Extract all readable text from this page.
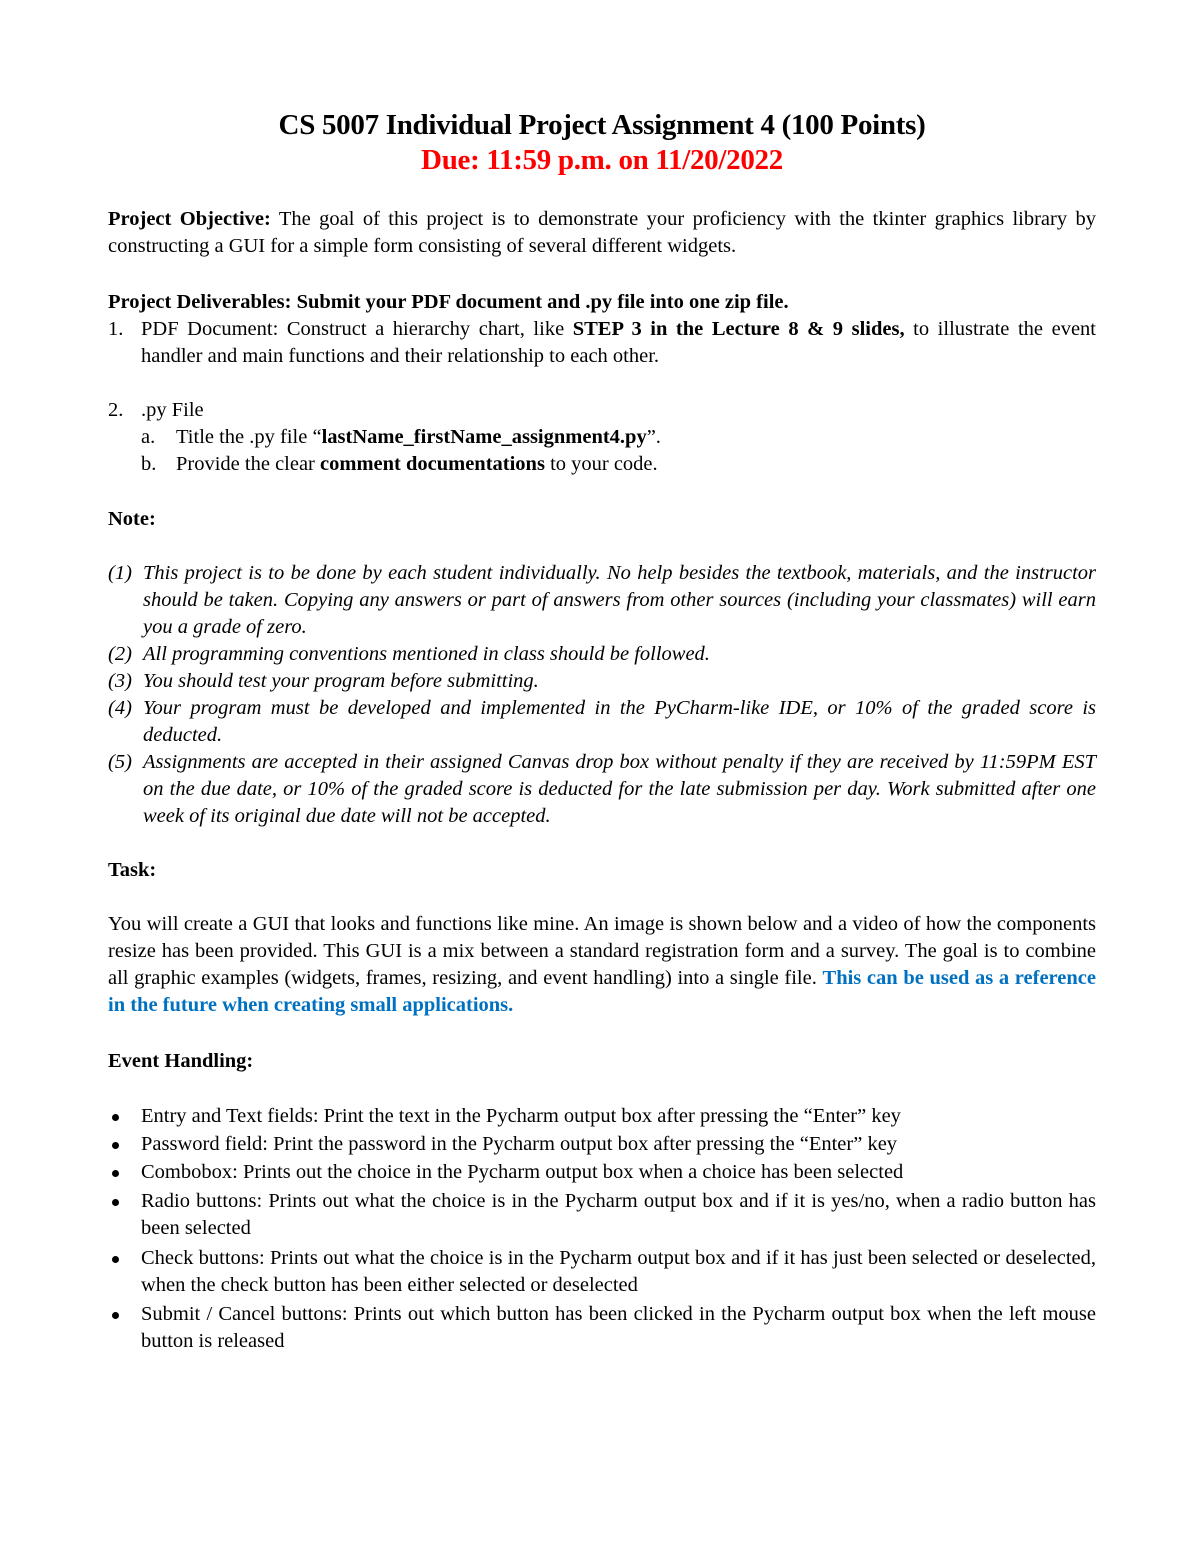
CS 5007 Individual Project Assignment 4 (100 Points)
Due: 11:59 p.m. on 11/20/2022
Project Objective: The goal of this project is to demonstrate your proficiency with the tkinter graphics library by constructing a GUI for a simple form consisting of several different widgets.
Project Deliverables: Submit your PDF document and .py file into one zip file.
1. PDF Document: Construct a hierarchy chart, like STEP 3 in the Lecture 8 & 9 slides, to illustrate the event handler and main functions and their relationship to each other.
2. .py File
a. Title the .py file “lastName_firstName_assignment4.py”.
b. Provide the clear comment documentations to your code.
Note:
(1) This project is to be done by each student individually. No help besides the textbook, materials, and the instructor should be taken. Copying any answers or part of answers from other sources (including your classmates) will earn you a grade of zero.
(2) All programming conventions mentioned in class should be followed.
(3) You should test your program before submitting.
(4) Your program must be developed and implemented in the PyCharm-like IDE, or 10% of the graded score is deducted.
(5) Assignments are accepted in their assigned Canvas drop box without penalty if they are received by 11:59PM EST on the due date, or 10% of the graded score is deducted for the late submission per day. Work submitted after one week of its original due date will not be accepted.
Task:
You will create a GUI that looks and functions like mine. An image is shown below and a video of how the components resize has been provided. This GUI is a mix between a standard registration form and a survey. The goal is to combine all graphic examples (widgets, frames, resizing, and event handling) into a single file. This can be used as a reference in the future when creating small applications.
Event Handling:
Entry and Text fields: Print the text in the Pycharm output box after pressing the “Enter” key
Password field: Print the password in the Pycharm output box after pressing the “Enter” key
Combobox: Prints out the choice in the Pycharm output box when a choice has been selected
Radio buttons: Prints out what the choice is in the Pycharm output box and if it is yes/no, when a radio button has been selected
Check buttons: Prints out what the choice is in the Pycharm output box and if it has just been selected or deselected, when the check button has been either selected or deselected
Submit / Cancel buttons: Prints out which button has been clicked in the Pycharm output box when the left mouse button is released
